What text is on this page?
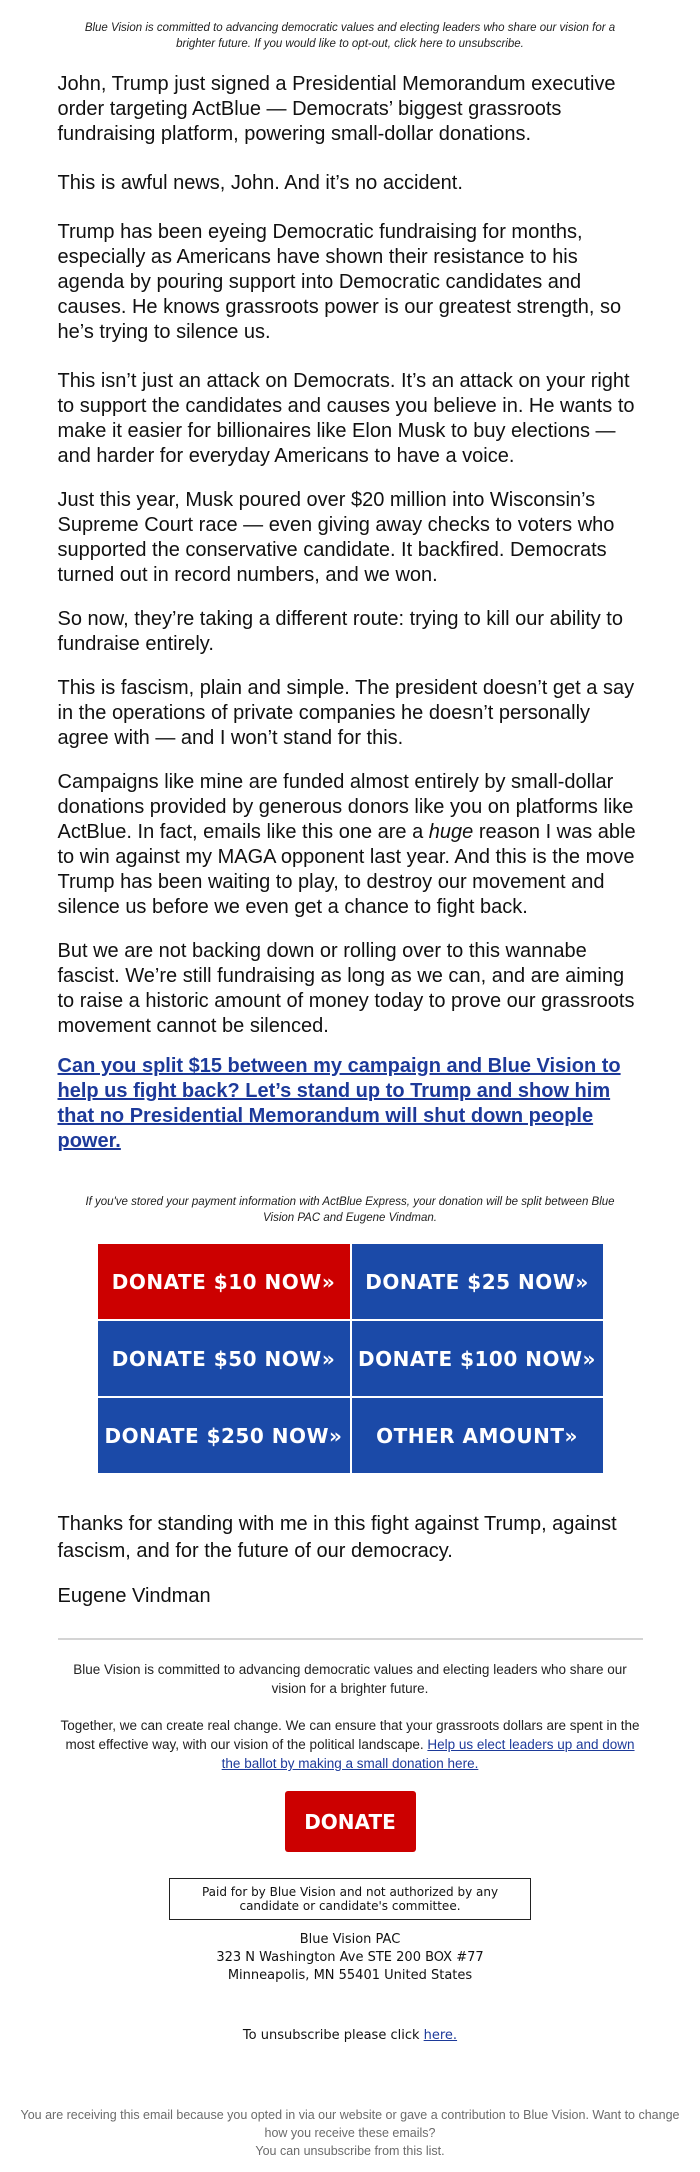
Blue Vision is committed to advancing democratic values and electing leaders who share our vision for a brighter future. If you would like to opt-out, click here to unsubscribe.

John, Trump just signed a Presidential Memorandum executive order targeting ActBlue — Democrats’ biggest grassroots fundraising platform, powering small-dollar donations.

This is awful news, John. And it’s no accident.

Trump has been eyeing Democratic fundraising for months, especially as Americans have shown their resistance to his agenda by pouring support into Democratic candidates and causes. He knows grassroots power is our greatest strength, so he’s trying to silence us.

This isn’t just an attack on Democrats. It’s an attack on your right to support the candidates and causes you believe in. He wants to make it easier for billionaires like Elon Musk to buy elections — and harder for everyday Americans to have a voice.

Just this year, Musk poured over $20 million into Wisconsin’s Supreme Court race — even giving away checks to voters who supported the conservative candidate. It backfired. Democrats turned out in record numbers, and we won.

So now, they’re taking a different route: trying to kill our ability to fundraise entirely.

This is fascism, plain and simple. The president doesn’t get a say in the operations of private companies he doesn’t personally agree with — and I won’t stand for this.

Campaigns like mine are funded almost entirely by small-dollar donations provided by generous donors like you on platforms like ActBlue. In fact, emails like this one are a huge reason I was able to win against my MAGA opponent last year. And this is the move Trump has been waiting to play, to destroy our movement and silence us before we even get a chance to fight back.

But we are not backing down or rolling over to this wannabe fascist. We’re still fundraising as long as we can, and are aiming to raise a historic amount of money today to prove our grassroots movement cannot be silenced.

Can you split $15 between my campaign and Blue Vision to help us fight back? Let’s stand up to Trump and show him that no Presidential Memorandum will shut down people power.
If you've stored your payment information with ActBlue Express, your donation will be split between Blue Vision PAC and Eugene Vindman.
DONATE $10 NOW»	DONATE $25 NOW»
DONATE $50 NOW»	DONATE $100 NOW»
DONATE $250 NOW»	OTHER AMOUNT»

Thanks for standing with me in this fight against Trump, against fascism, and for the future of our democracy.

Eugene Vindman

Blue Vision is committed to advancing democratic values and electing leaders who share our vision for a brighter future.

Together, we can create real change. We can ensure that your grassroots dollars are spent in the most effective way, with our vision of the political landscape. Help us elect leaders up and down the ballot by making a small donation here.

DONATE
Paid for by Blue Vision and not authorized by any candidate or candidate's committee.
Blue Vision PAC
323 N Washington Ave STE 200 BOX #77
Minneapolis, MN 55401 United States
To unsubscribe please click here.
You are receiving this email because you opted in via our website or gave a contribution to Blue Vision. Want to change how you receive these emails?
You can unsubscribe from this list.
